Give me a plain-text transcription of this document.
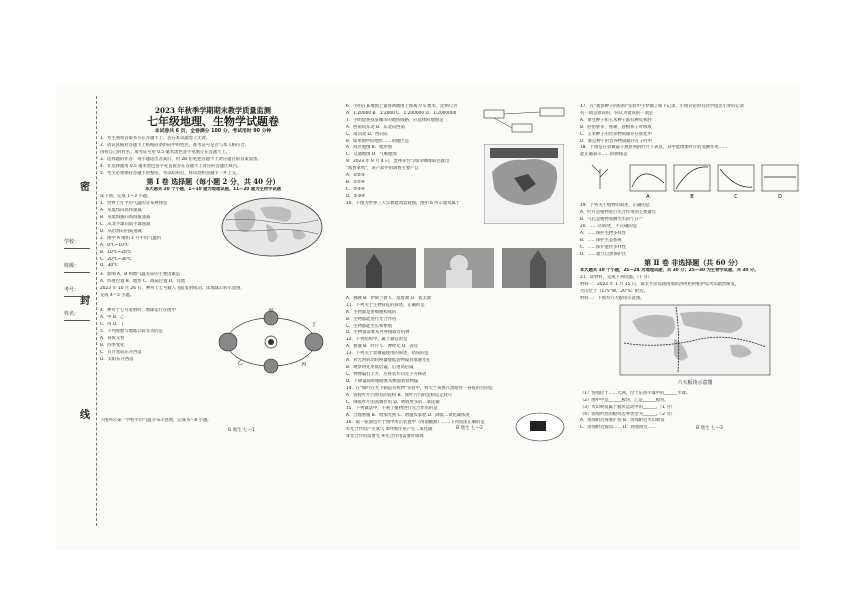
密
封
线
学校：
班级：
考号：
姓名：
2023 年秋季学期期末教学质量监测
七年级地理、生物学试题卷
本试卷共 6 页，全卷满分 100 分，考试用时 90 分钟
1．考生须将答案书写在答题卡上，答在本试题卷上无效。
2．请认真核对答题卡上粘贴的条形码中的姓名、准考证号是否与本人相符合，
再将自己的姓名、准考证号用 0.5 毫米黑色签字笔填写在答题卡上。
3．选择题的作答：每小题选出答案后，用 2B 铅笔把答题卡上对应题目的答案涂黑。
4．非选择题用 0.5 毫米黑色签字笔直接答在答题卡上对应的答题区域内。
5．考生必须保持答题卡的整洁，考试结束后，将试卷和答题卡一并上交。
第 Ⅰ 卷 选择题（每小题 2 分，共 40 分）
本大题共 20 个小题，1—10 题为地理试题，11—20 题为生物学试题
读下图，完成 1～3 小题。
1．世界上年平均气温的分布规律是
A．从低纬向高纬递减
B．从低海拔向高海拔递减
C．从北半球向南半球递减
D．从沿海向内陆递减
2．图中 A 地的 1 月平均气温约
A．0℃~10℃
B．10℃~20℃
C．20℃~30℃
D．30℃
3．影响 A、B 两地气温差异的主要因素是
A．纬度位置 B．地形 C．海陆位置 D．洋流
2023 年 10 月 26 日，神舟十七号载人飞船发射成功。读地球公转示意图，
完成 4～5 小题。
4．神舟十七号发射时，地球运行在图中
A．甲 B．乙
C．丙 D．丁
5．下列现象与地球公转有关的是
A．昼夜交替
B．四季变化
C．日月星辰东升西落
D．太阳东升西落
甲
乙	丙
丁
下图所示某一学校平均气温分布示意图，完成 6～8 小题。
B 地生 七—1
6．小明在某地图上量得两地图上距离为 5 厘米，比例尺为
A．1:20000 B．1:2000 C．1:200000 D．1:2000000
7．小明想查找某城市的地铁线路，应选择的地图是
A．西南向东北 B．东北向西南
C．南向北 D．西向东
8．如果图中的地形……的地区是
A．政区地图 B．地形图
C．交通地图 D．气候地图
9．2023 年 9 月 4 日，贵州茅台与瑞幸咖啡联名推出
"酱香拿铁"，该产品中的酒香主要产自
A．①②③
B．①②④
C．②③④
D．①③④
10．下图为世界三大宗教建筑景观图，图中 b 所示建筑属于
A．佛教 B．伊斯兰教 C．基督教 D．犹太教
11．下列关于生物特征的叙述，正确的是
A．生物都是由细胞构成的
B．生物都能进行光合作用
C．生物都能生长和繁殖
D．生物都需要从外界摄取有机物
12．下列结构中，属于器官的是
A．血液 B．叶片 C．神经元 D．表皮
13．下列关于显微镜使用的叙述，错误的是
A．对光时转动转换器使低倍物镜对准通光孔
B．观察时先用低倍镜，后用高倍镜
C．物像偏右上方，应将装片向左下方移动
D．下降镜筒时眼睛要从侧面看着物镜
14．在"绿叶在光下制造有机物"实验中，将天竺葵放在黑暗处一昼夜的目的是
A．消耗叶片内原有的淀粉 B．使叶片内的淀粉运走耗尽
C．降低叶片的蒸腾作用 D．吸收更多的二氧化碳
15．下列做法中，不利于植物进行光合作用的是
A．合理密植 B．增加光照 C．增施农家肥 D．降低二氧化碳浓度
16．取一张面包片于图中所示装置中（两面酸甜）……下列说法正确的是
①光合作用产生氧气 ②呼吸作用产生二氧化碳
③光合作用需要光 ④光合作用需要叶绿体
B 地生 七—2
17．在"观察种子的结构"实验中小梦做了如下记录，小组讨论时有同学指出小梦的记录
有一项是错误的，你认为错误的一项是
A．菜豆种子和玉米种子都有种皮和胚
B．胚由胚芽、胚轴、胚根和子叶组成
C．玉米种子的营养物质储存在胚乳中
D．菜豆种子的营养物质储存在子叶中
18．下图是在显微镜下观察到的叶片下表皮，其中能增加叶片的蒸腾作用……
能正确表示……的曲线是
A	B	C	D
19．下列关于植物的叙述，正确的是
A．叶片是植物进行光合作用的主要器官
B．气孔是植物蒸腾失水的"门户"
20．……的叙述，不正确的是
A．……保护生物多样性
B．……保护生态系统
C．……保护遗传多样性
D．……建立自然保护区
第 Ⅱ 卷 非选择题（共 60 分）
本大题共 10 个小题，21—24 为地理试题，共 30 分；25—30 为生物学试题，共 30 分。
21．读材料，完成下列问题。（7 分）
材料一：2022 年 1 月 15 日，南太平洋岛国汤加的洪阿哈阿帕伊岛火山剧烈喷发，
火山位于（175°W，20°S）附近。
材料二：下图为六大板块示意图。
六大板块示意图
（1）汤加位于……大洲，位于东西半球中的______半球。
（2）图中甲是______板块，乙是______板块。
（3）火山喷发属于板块运动中的______。（1 分）
（4）汤加所处的板块边界类型为______。（2 分）
A．汤加附近海底扩张 B．汤加附近火山喷发
C．汤加附近海沟…… D．汤加附近……	B 地生 七—3
